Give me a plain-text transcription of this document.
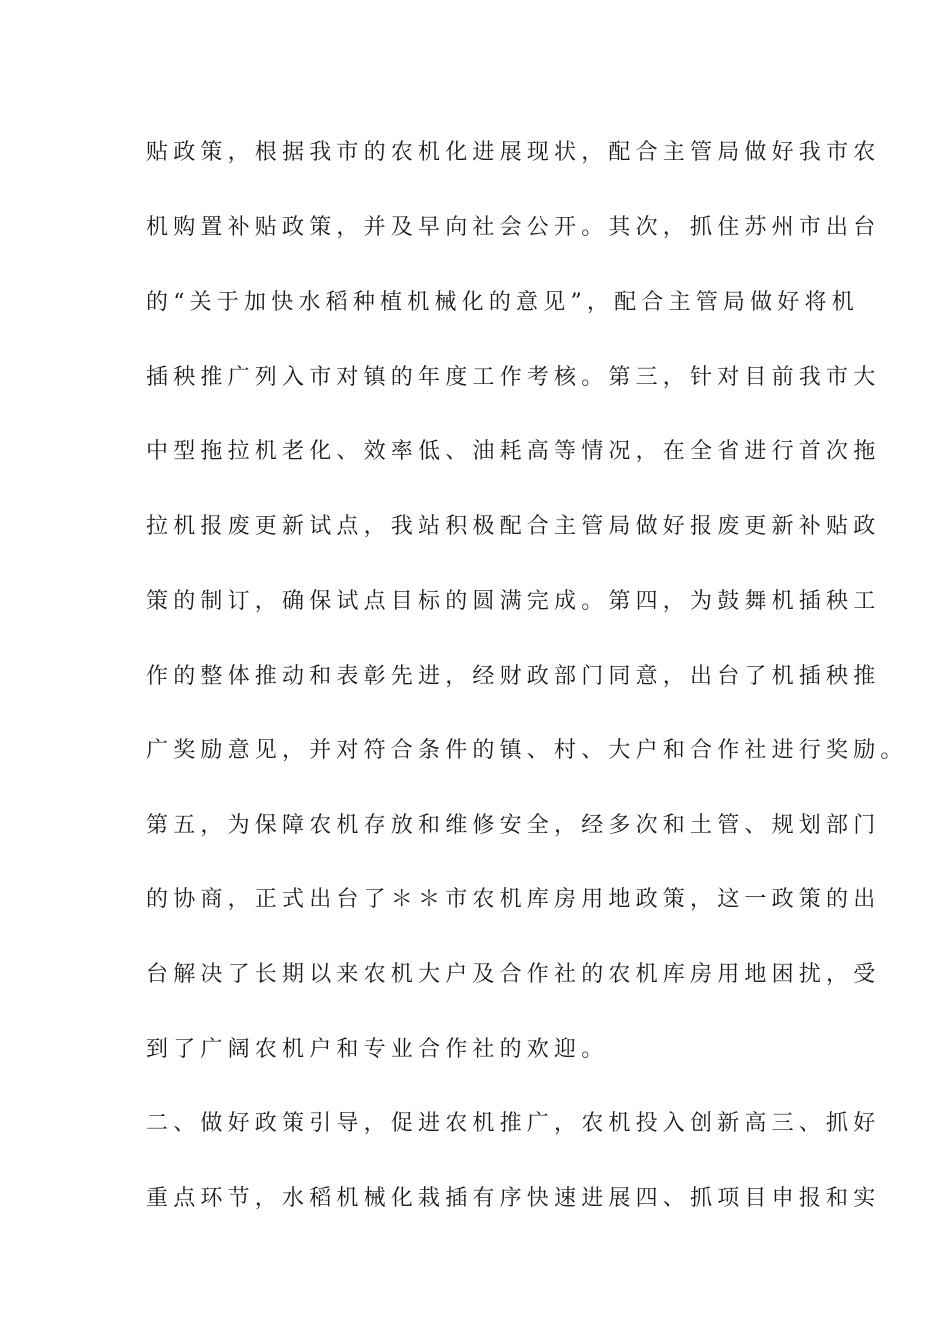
贴政策，根据我市的农机化进展现状，配合主管局做好我市农
机购置补贴政策，并及早向社会公开。其次，抓住苏州市出台
的“关于加快水稻种植机械化的意见”，配合主管局做好将机
插秧推广列入市对镇的年度工作考核。第三，针对目前我市大
中型拖拉机老化、效率低、油耗高等情况，在全省进行首次拖
拉机报废更新试点，我站积极配合主管局做好报废更新补贴政
策的制订，确保试点目标的圆满完成。第四，为鼓舞机插秧工
作的整体推动和表彰先进，经财政部门同意，出台了机插秧推
广奖励意见，并对符合条件的镇、村、大户和合作社进行奖励。
第五，为保障农机存放和维修安全，经多次和土管、规划部门
的协商，正式出台了＊＊市农机库房用地政策，这一政策的出
台解决了长期以来农机大户及合作社的农机库房用地困扰，受
到了广阔农机户和专业合作社的欢迎。
二、做好政策引导，促进农机推广，农机投入创新高三、抓好
重点环节，水稻机械化栽插有序快速进展四、抓项目申报和实
